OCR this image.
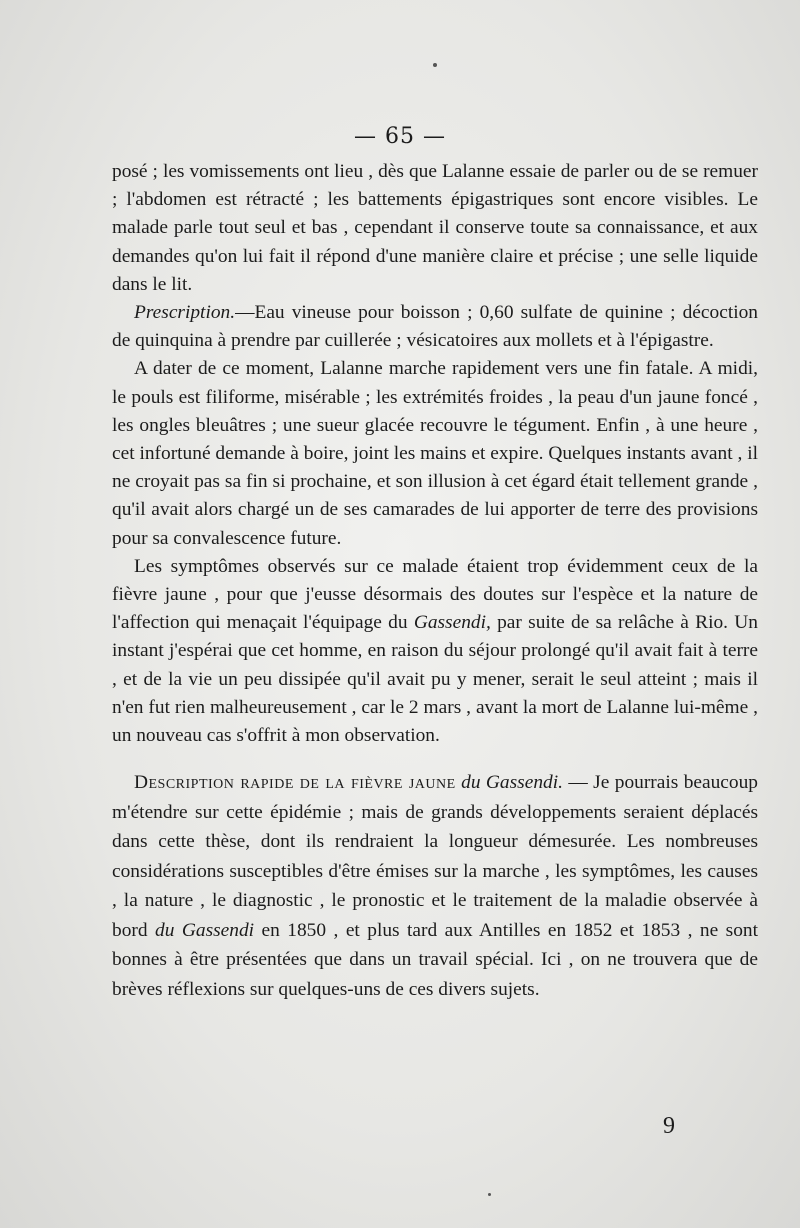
— 65 —

posé ; les vomissements ont lieu , dès que Lalanne essaie de parler ou de se remuer ; l'abdomen est rétracté ; les battements épigastriques sont encore visibles. Le malade parle tout seul et bas , cependant il conserve toute sa connaissance, et aux demandes qu'on lui fait il répond d'une manière claire et précise ; une selle liquide dans le lit.

Prescription.—Eau vineuse pour boisson ; 0,60 sulfate de quinine ; décoction de quinquina à prendre par cuillerée ; vésicatoires aux mollets et à l'épigastre.

A dater de ce moment, Lalanne marche rapidement vers une fin fatale. A midi, le pouls est filiforme, misérable ; les extrémités froides , la peau d'un jaune foncé , les ongles bleuâtres ; une sueur glacée recouvre le tégument. Enfin , à une heure , cet infortuné demande à boire, joint les mains et expire. Quelques instants avant , il ne croyait pas sa fin si prochaine, et son illusion à cet égard était tellement grande , qu'il avait alors chargé un de ses camarades de lui apporter de terre des provisions pour sa convalescence future.

Les symptômes observés sur ce malade étaient trop évidemment ceux de la fièvre jaune , pour que j'eusse désormais des doutes sur l'espèce et la nature de l'affection qui menaçait l'équipage du Gassendi, par suite de sa relâche à Rio. Un instant j'espérai que cet homme, en raison du séjour prolongé qu'il avait fait à terre , et de la vie un peu dissipée qu'il avait pu y mener, serait le seul atteint ; mais il n'en fut rien malheureusement , car le 2 mars , avant la mort de Lalanne lui-même , un nouveau cas s'offrit à mon observation.

Description rapide de la fièvre jaune du Gassendi. — Je pourrais beaucoup m'étendre sur cette épidémie ; mais de grands développements seraient déplacés dans cette thèse, dont ils rendraient la longueur démesurée. Les nombreuses considérations susceptibles d'être émises sur la marche , les symptômes, les causes , la nature , le diagnostic , le pronostic et le traitement de la maladie observée à bord du Gassendi en 1850 , et plus tard aux Antilles en 1852 et 1853 , ne sont bonnes à être présentées que dans un travail spécial. Ici , on ne trouvera que de brèves réflexions sur quelques-uns de ces divers sujets.

9
